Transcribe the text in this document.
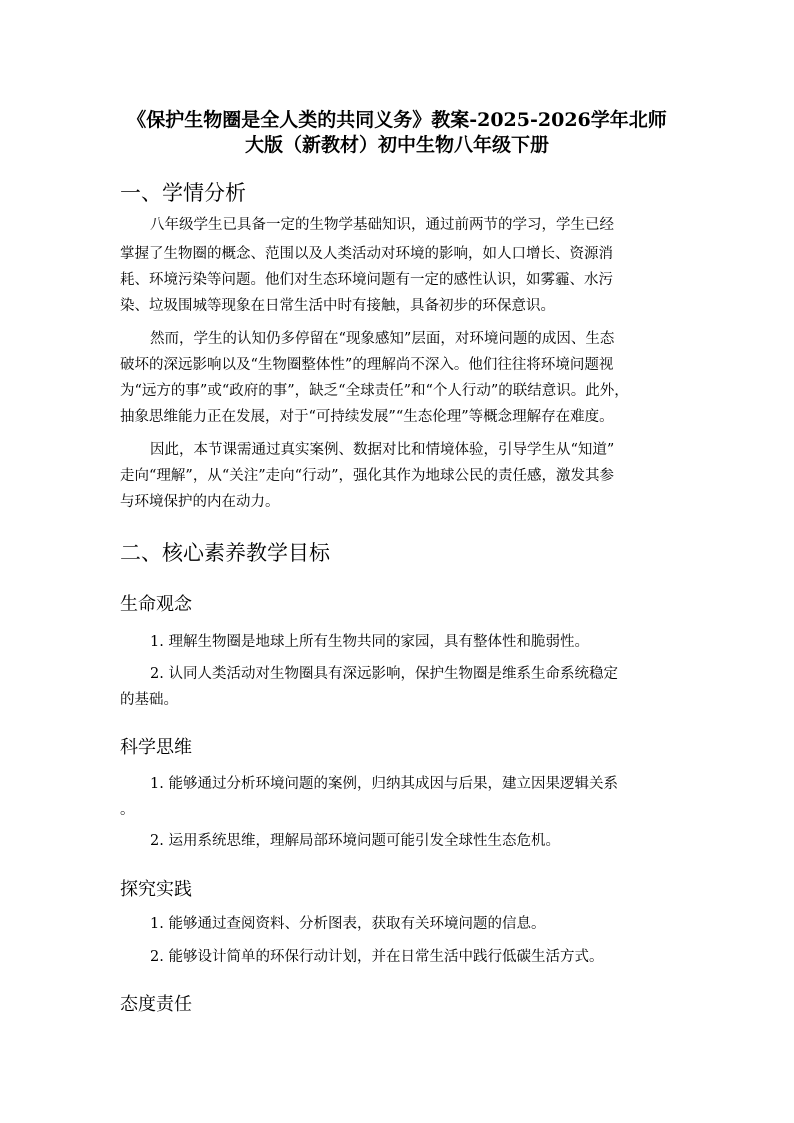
《保护生物圈是全人类的共同义务》教案-2025-2026学年北师
大版（新教材）初中生物八年级下册
一、学情分析
八年级学生已具备一定的生物学基础知识，通过前两节的学习，学生已经
掌握了生物圈的概念、范围以及人类活动对环境的影响，如人口增长、资源消
耗、环境污染等问题。他们对生态环境问题有一定的感性认识，如雾霾、水污
染、垃圾围城等现象在日常生活中时有接触，具备初步的环保意识。
然而，学生的认知仍多停留在“现象感知”层面，对环境问题的成因、生态
破坏的深远影响以及“生物圈整体性”的理解尚不深入。他们往往将环境问题视
为“远方的事”或“政府的事”，缺乏“全球责任”和“个人行动”的联结意识。此外，
抽象思维能力正在发展，对于“可持续发展”“生态伦理”等概念理解存在难度。
因此，本节课需通过真实案例、数据对比和情境体验，引导学生从“知道”
走向“理解”，从“关注”走向“行动”，强化其作为地球公民的责任感，激发其参
与环境保护的内在动力。
二、核心素养教学目标
生命观念
1. 理解生物圈是地球上所有生物共同的家园，具有整体性和脆弱性。
2. 认同人类活动对生物圈具有深远影响，保护生物圈是维系生命系统稳定
的基础。
科学思维
1. 能够通过分析环境问题的案例，归纳其成因与后果，建立因果逻辑关系
。
2. 运用系统思维，理解局部环境问题可能引发全球性生态危机。
探究实践
1. 能够通过查阅资料、分析图表，获取有关环境问题的信息。
2. 能够设计简单的环保行动计划，并在日常生活中践行低碳生活方式。
态度责任
